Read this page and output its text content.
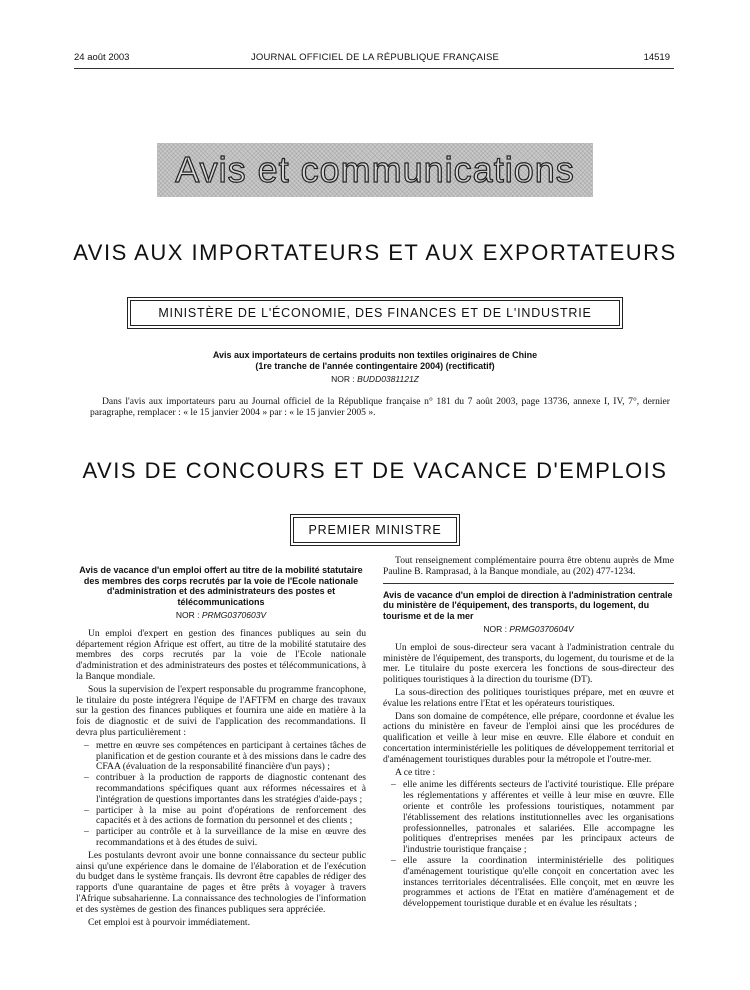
24 août 2003	JOURNAL OFFICIEL DE LA RÉPUBLIQUE FRANÇAISE	14519
Avis et communications
AVIS AUX IMPORTATEURS ET AUX EXPORTATEURS
MINISTÈRE DE L'ÉCONOMIE, DES FINANCES ET DE L'INDUSTRIE
Avis aux importateurs de certains produits non textiles originaires de Chine
(1re tranche de l'année contingentaire 2004) (rectificatif)
NOR : BUDD0381121Z

Dans l'avis aux importateurs paru au Journal officiel de la République française n° 181 du 7 août 2003, page 13736, annexe I, IV, 7°, dernier paragraphe, remplacer : « le 15 janvier 2004 » par : « le 15 janvier 2005 ».

AVIS DE CONCOURS ET DE VACANCE D'EMPLOIS
PREMIER MINISTRE
Avis de vacance d'un emploi offert au titre de la mobilité statutaire des membres des corps recrutés par la voie de l'Ecole nationale d'administration et des administrateurs des postes et télécommunications
NOR : PRMG0370603V

Un emploi d'expert en gestion des finances publiques au sein du département région Afrique est offert, au titre de la mobilité statutaire des membres des corps recrutés par la voie de l'Ecole nationale d'administration et des administrateurs des postes et télécommunications, à la Banque mondiale.

Sous la supervision de l'expert responsable du programme francophone, le titulaire du poste intégrera l'équipe de l'AFTFM en charge des travaux sur la gestion des finances publiques et fournira une aide en matière à la fois de diagnostic et de suivi de l'application des recommandations. Il devra plus particulièrement :

– mettre en œuvre ses compétences en participant à certaines tâches de planification et de gestion courante et à des missions dans le cadre des CFAA (évaluation de la responsabilité financière d'un pays) ;
– contribuer à la production de rapports de diagnostic contenant des recommandations spécifiques quant aux réformes nécessaires et à l'intégration de questions importantes dans les stratégies d'aide-pays ;
– participer à la mise au point d'opérations de renforcement des capacités et à des actions de formation du personnel et des clients ;
– participer au contrôle et à la surveillance de la mise en œuvre des recommandations et à des études de suivi.

Les postulants devront avoir une bonne connaissance du secteur public ainsi qu'une expérience dans le domaine de l'élaboration et de l'exécution du budget dans le système français. Ils devront être capables de rédiger des rapports d'une quarantaine de pages et être prêts à voyager à travers l'Afrique subsaharienne. La connaissance des technologies de l'information et des systèmes de gestion des finances publiques sera appréciée.

Cet emploi est à pourvoir immédiatement.

Tout renseignement complémentaire pourra être obtenu auprès de Mme Pauline B. Ramprasad, à la Banque mondiale, au (202) 477-1234.

Avis de vacance d'un emploi de direction à l'administration centrale du ministère de l'équipement, des transports, du logement, du tourisme et de la mer
NOR : PRMG0370604V

Un emploi de sous-directeur sera vacant à l'administration centrale du ministère de l'équipement, des transports, du logement, du tourisme et de la mer. Le titulaire du poste exercera les fonctions de sous-directeur des politiques touristiques à la direction du tourisme (DT).

La sous-direction des politiques touristiques prépare, met en œuvre et évalue les relations entre l'Etat et les opérateurs touristiques.

Dans son domaine de compétence, elle prépare, coordonne et évalue les actions du ministère en faveur de l'emploi ainsi que les procédures de qualification et veille à leur mise en œuvre. Elle élabore et conduit en concertation interministérielle les politiques de développement territorial et d'aménagement touristiques durables pour la métropole et l'outre-mer.

A ce titre :

– elle anime les différents secteurs de l'activité touristique. Elle prépare les réglementations y afférentes et veille à leur mise en œuvre. Elle oriente et contrôle les professions touristiques, notamment par l'établissement des relations institutionnelles avec les organisations professionnelles, patronales et salariées. Elle accompagne les politiques d'entreprises menées par les principaux acteurs de l'industrie touristique française ;
– elle assure la coordination interministérielle des politiques d'aménagement touristique qu'elle conçoit en concertation avec les instances territoriales décentralisées. Elle conçoit, met en œuvre les programmes et actions de l'Etat en matière d'aménagement et de développement touristique durable et en évalue les résultats ;
